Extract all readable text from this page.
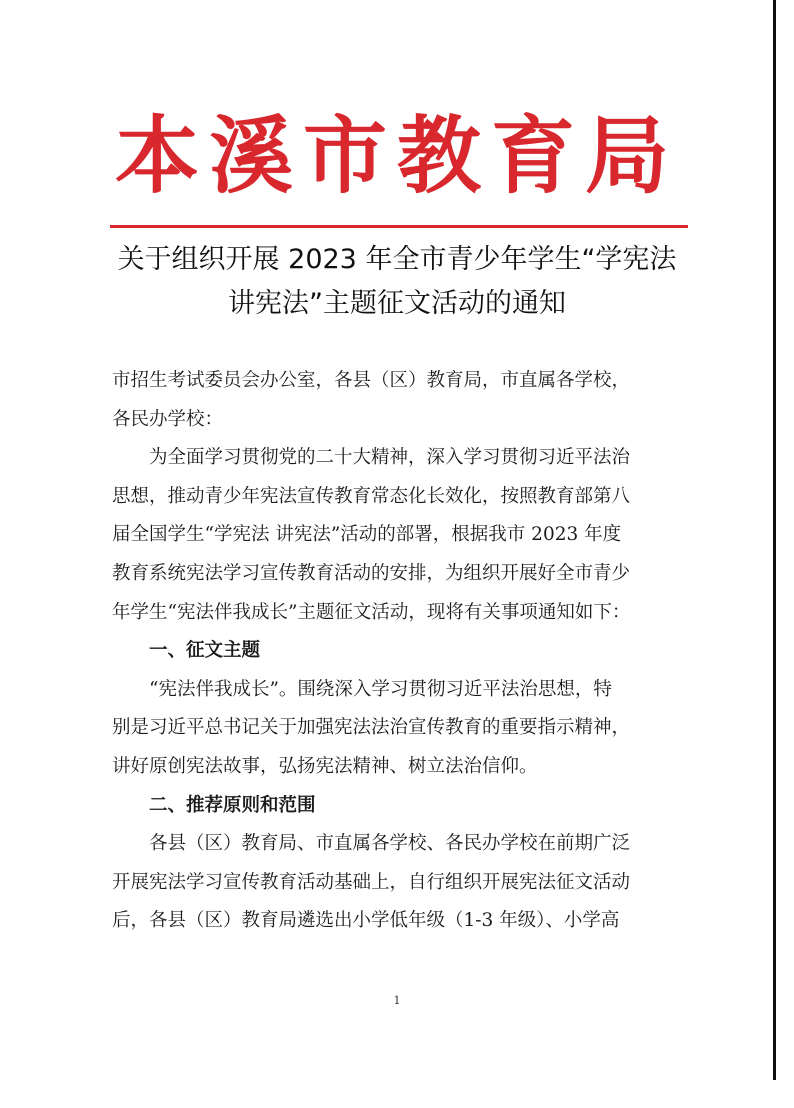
本溪市教育局
关于组织开展 2023 年全市青少年学生“学宪法
讲宪法”主题征文活动的通知
市招生考试委员会办公室，各县（区）教育局，市直属各学校，
各民办学校：
为全面学习贯彻党的二十大精神，深入学习贯彻习近平法治
思想，推动青少年宪法宣传教育常态化长效化，按照教育部第八
届全国学生“学宪法 讲宪法”活动的部署，根据我市 2023 年度
教育系统宪法学习宣传教育活动的安排，为组织开展好全市青少
年学生“宪法伴我成长”主题征文活动，现将有关事项通知如下：
一、征文主题
“宪法伴我成长”。围绕深入学习贯彻习近平法治思想，特
别是习近平总书记关于加强宪法法治宣传教育的重要指示精神，
讲好原创宪法故事，弘扬宪法精神、树立法治信仰。
二、推荐原则和范围
各县（区）教育局、市直属各学校、各民办学校在前期广泛
开展宪法学习宣传教育活动基础上，自行组织开展宪法征文活动
后，各县（区）教育局遴选出小学低年级（1-3 年级）、小学高
1
